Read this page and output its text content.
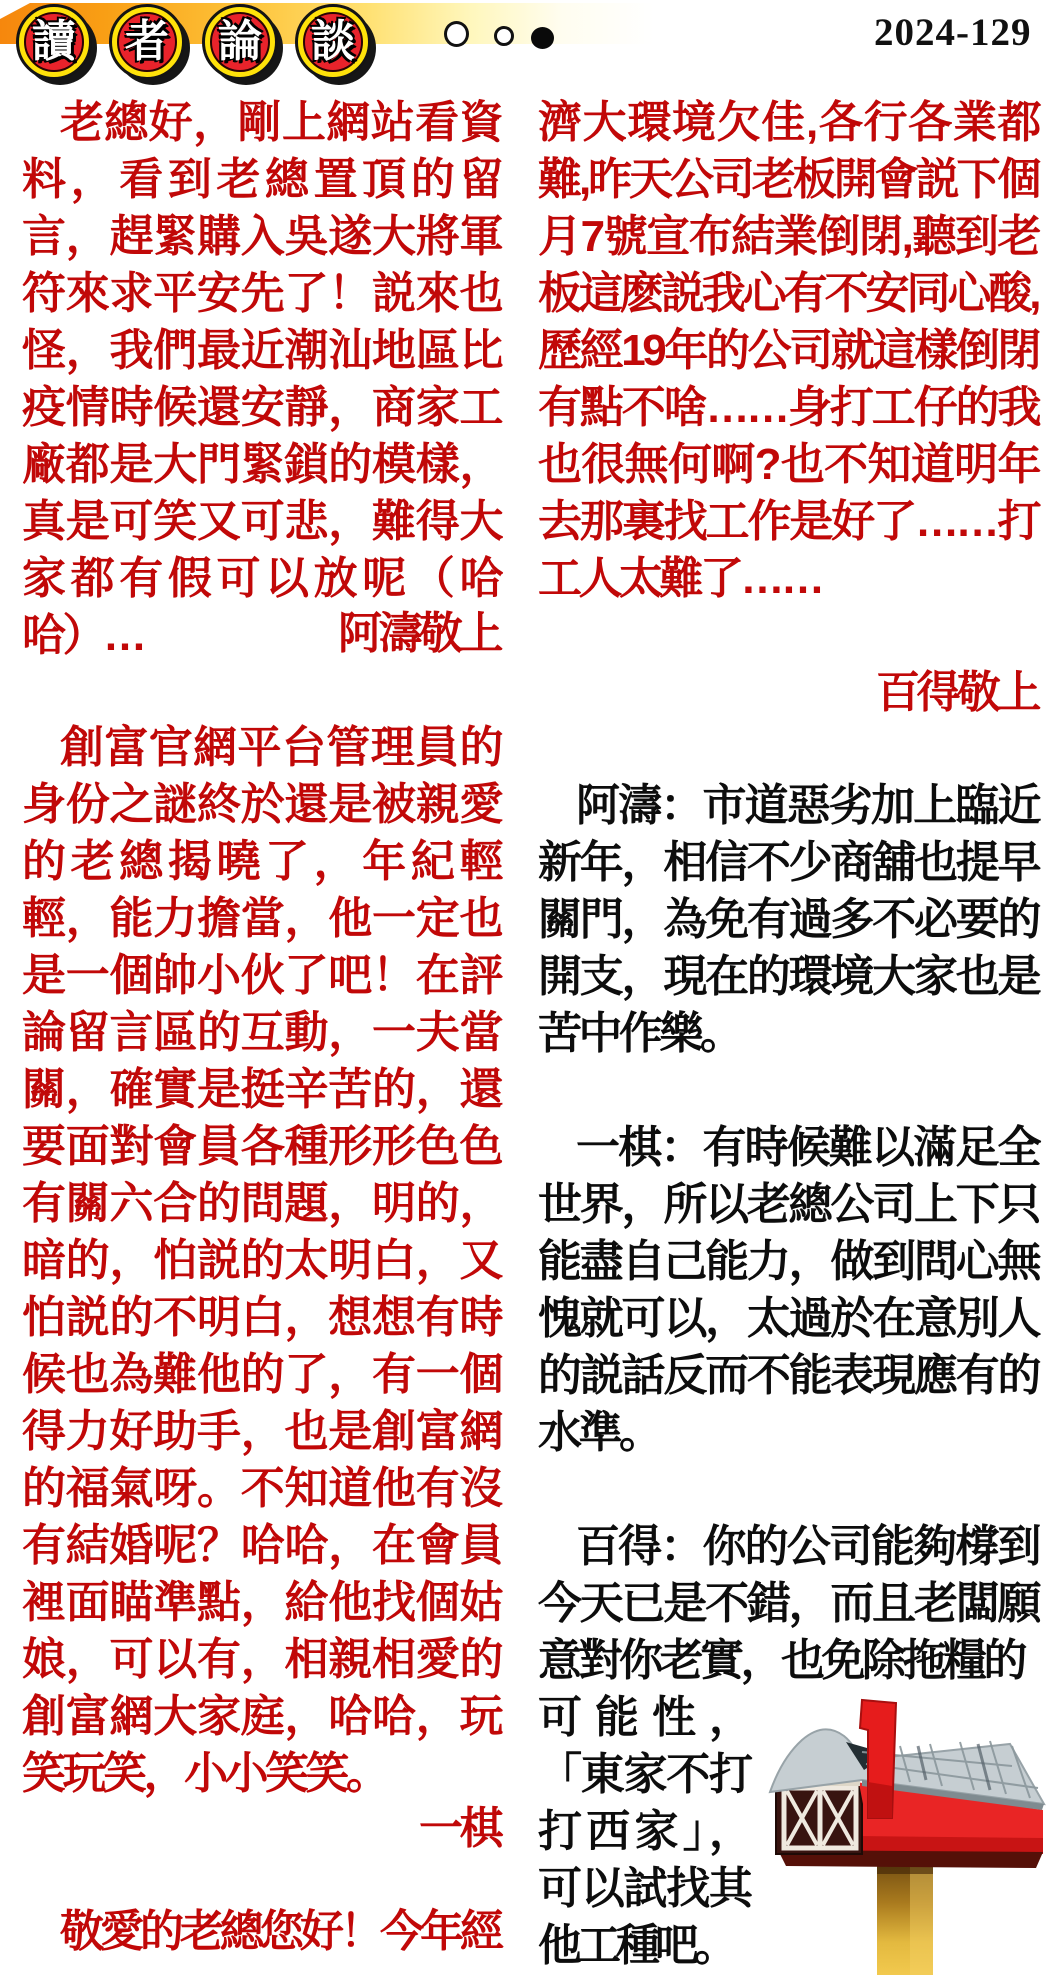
讀 者 論 談	2024-129
老總好，剛上網站看資料，看到老總置頂的留言，趕緊購入吳遂大將軍符來求平安先了！説來也怪，我們最近潮汕地區比疫情時候還安靜，商家工廠都是大門緊鎖的模樣，真是可笑又可悲，難得大家都有假可以放呢（哈哈）…	阿濤敬上
創富官網平台管理員的身份之謎終於還是被親愛的老總揭曉了，年紀輕輕，能力擔當，他一定也是一個帥小伙了吧！在評論留言區的互動，一夫當關，確實是挺辛苦的，還要面對會員各種形形色色有關六合的問題，明的，暗的，怕説的太明白，又怕説的不明白，想想有時候也為難他的了，有一個得力好助手，也是創富網的福氣呀。不知道他有沒有結婚呢？哈哈，在會員裡面瞄準點，給他找個姑娘，可以有，相親相愛的創富網大家庭，哈哈，玩笑玩笑，小小笑笑。
一棋
敬愛的老總您好！今年經
濟大環境欠佳,各行各業都難,昨天公司老板開會説下個月7號宣布結業倒閉,聽到老板這麽説我心有不安同心酸,歷經19年的公司就這樣倒閉有點不啥……身打工仔的我也很無何啊?也不知道明年去那裏找工作是好了……打工人太難了……
百得敬上
阿濤：市道惡劣加上臨近新年，相信不少商舖也提早關門，為免有過多不必要的開支，現在的環境大家也是苦中作樂。
一棋：有時候難以滿足全世界，所以老總公司上下只能盡自己能力，做到問心無愧就可以，太過於在意別人的説話反而不能表現應有的水準。
百得：你的公司能夠橕到今天已是不錯，而且老闆願意對你老實，也免除拖糧的
可能性，「東家不打打西家」，可以試找其他工種吧。
